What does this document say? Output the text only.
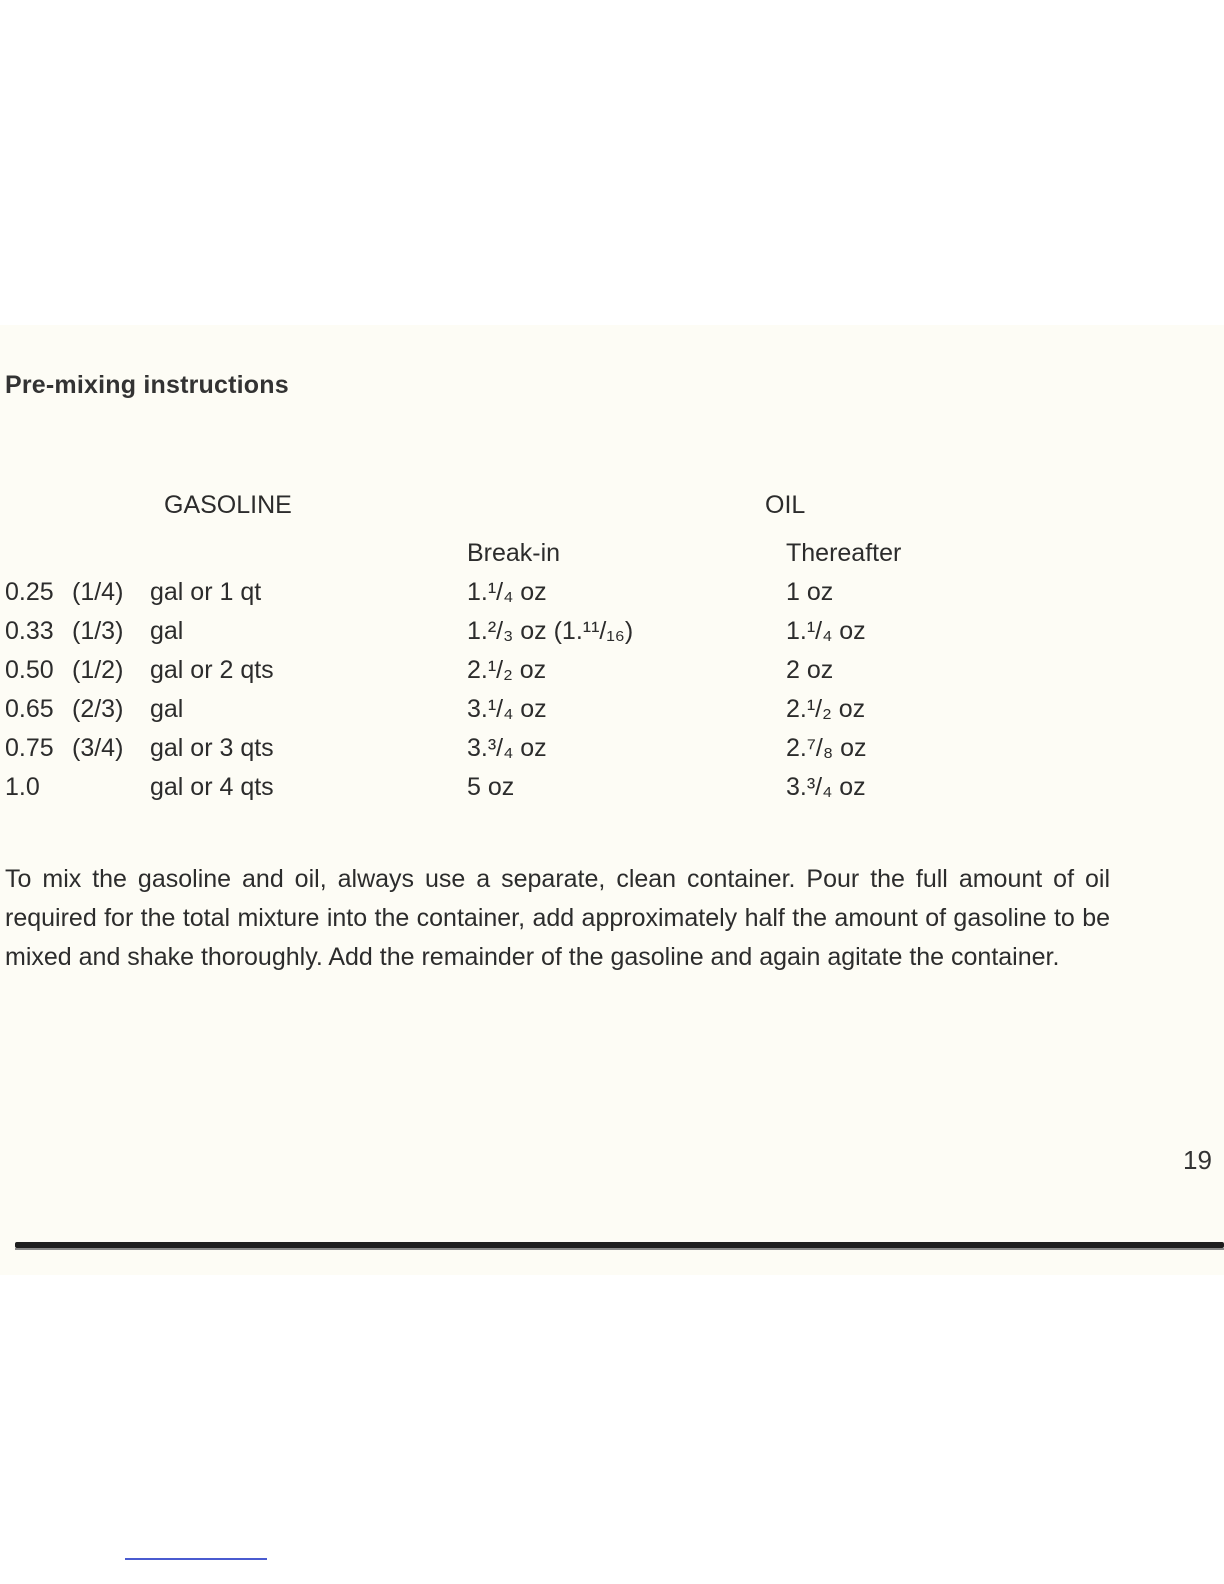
Pre-mixing instructions
GASOLINE	OIL
Break-in	Thereafter
0.25 (1/4) gal or 1 qt	1.¹/₄ oz	1 oz
0.33 (1/3) gal	1.²/₃ oz (1.¹¹/₁₆)	1.¹/₄ oz
0.50 (1/2) gal or 2 qts	2.¹/₂ oz	2 oz
0.65 (2/3) gal	3.¹/₄ oz	2.¹/₂ oz
0.75 (3/4) gal or 3 qts	3.³/₄ oz	2.⁷/₈ oz
1.0	gal or 4 qts	5 oz	3.³/₄ oz
To mix the gasoline and oil, always use a separate, clean container. Pour the full amount of oil required for the total mixture into the container, add approximately half the amount of gasoline to be mixed and shake thoroughly. Add the remainder of the gasoline and again agitate the container.
19
